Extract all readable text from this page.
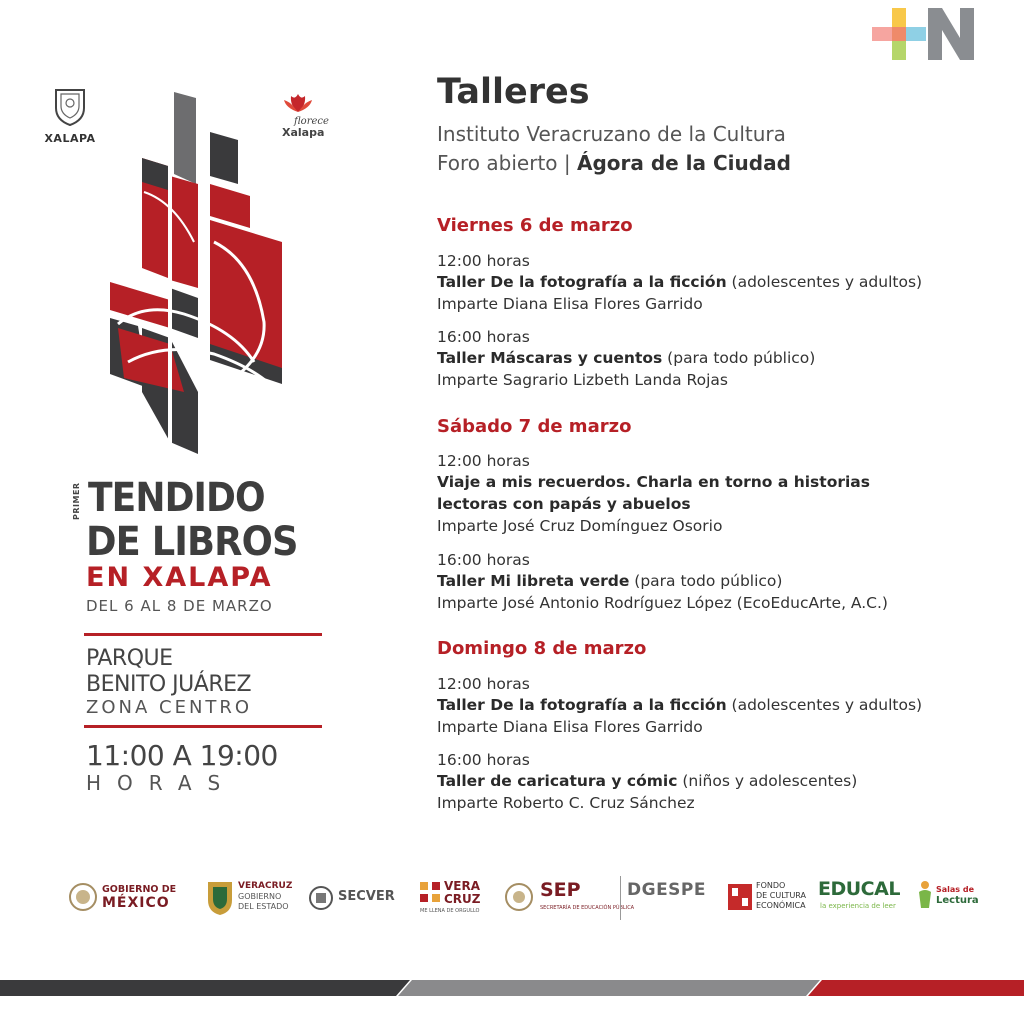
XALAPA
florece
Xalapa
PRIMER TENDIDO
DE LIBROS
EN XALAPA
DEL 6 AL 8 DE MARZO
PARQUE
BENITO JUÁREZ
ZONA CENTRO
11:00 A 19:00
HORAS
Talleres
Instituto Veracruzano de la Cultura
Foro abierto | Ágora de la Ciudad
Viernes 6 de marzo
12:00 horas
Taller De la fotografía a la ficción (adolescentes y adultos)
Imparte Diana Elisa Flores Garrido
16:00 horas
Taller Máscaras y cuentos (para todo público)
Imparte Sagrario Lizbeth Landa Rojas
Sábado 7 de marzo
12:00 horas
Viaje a mis recuerdos. Charla en torno a historias
lectoras con papás y abuelos
Imparte José Cruz Domínguez Osorio
16:00 horas
Taller Mi libreta verde (para todo público)
Imparte José Antonio Rodríguez López (EcoEducArte, A.C.)
Domingo 8 de marzo
12:00 horas
Taller De la fotografía a la ficción (adolescentes y adultos)
Imparte Diana Elisa Flores Garrido
16:00 horas
Taller de caricatura y cómic (niños y adolescentes)
Imparte Roberto C. Cruz Sánchez
GOBIERNO DE
MÉXICO
VERACRUZ
GOBIERNO
DEL ESTADO
SECVER
VERA
CRUZ
ME LLENA DE ORGULLO
SEP
SECRETARÍA DE EDUCACIÓN PÚBLICA
DGESPE	FONDO
DE CULTURA
ECONÓMICA
EDUCAL
la experiencia de leer
Salas de
Lectura
